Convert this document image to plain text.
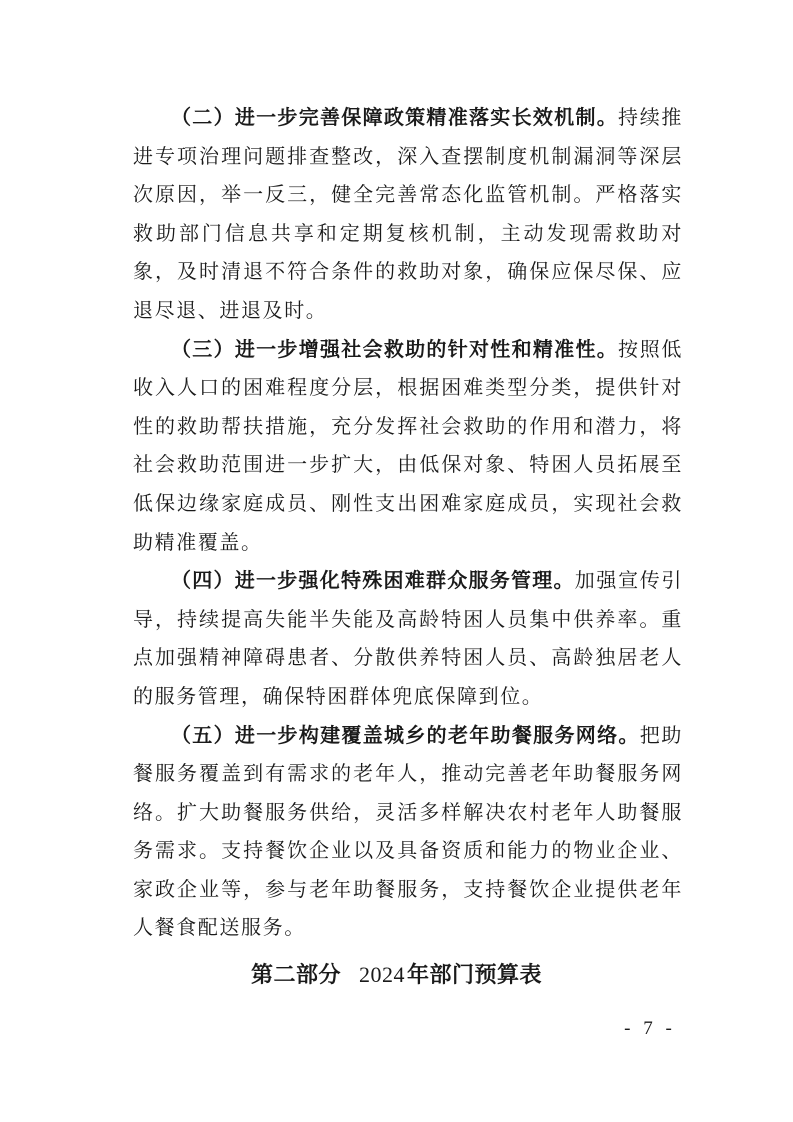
（二）进一步完善保障政策精准落实长效机制。持续推进专项治理问题排查整改，深入查摆制度机制漏洞等深层次原因，举一反三，健全完善常态化监管机制。严格落实救助部门信息共享和定期复核机制，主动发现需救助对象，及时清退不符合条件的救助对象，确保应保尽保、应退尽退、进退及时。

（三）进一步增强社会救助的针对性和精准性。按照低收入人口的困难程度分层，根据困难类型分类，提供针对性的救助帮扶措施，充分发挥社会救助的作用和潜力，将社会救助范围进一步扩大，由低保对象、特困人员拓展至低保边缘家庭成员、刚性支出困难家庭成员，实现社会救助精准覆盖。

（四）进一步强化特殊困难群众服务管理。加强宣传引导，持续提高失能半失能及高龄特困人员集中供养率。重点加强精神障碍患者、分散供养特困人员、高龄独居老人的服务管理，确保特困群体兜底保障到位。

（五）进一步构建覆盖城乡的老年助餐服务网络。把助餐服务覆盖到有需求的老年人，推动完善老年助餐服务网络。扩大助餐服务供给，灵活多样解决农村老年人助餐服务需求。支持餐饮企业以及具备资质和能力的物业企业、家政企业等，参与老年助餐服务，支持餐饮企业提供老年人餐食配送服务。

第二部分 2024年部门预算表
- 7 -
